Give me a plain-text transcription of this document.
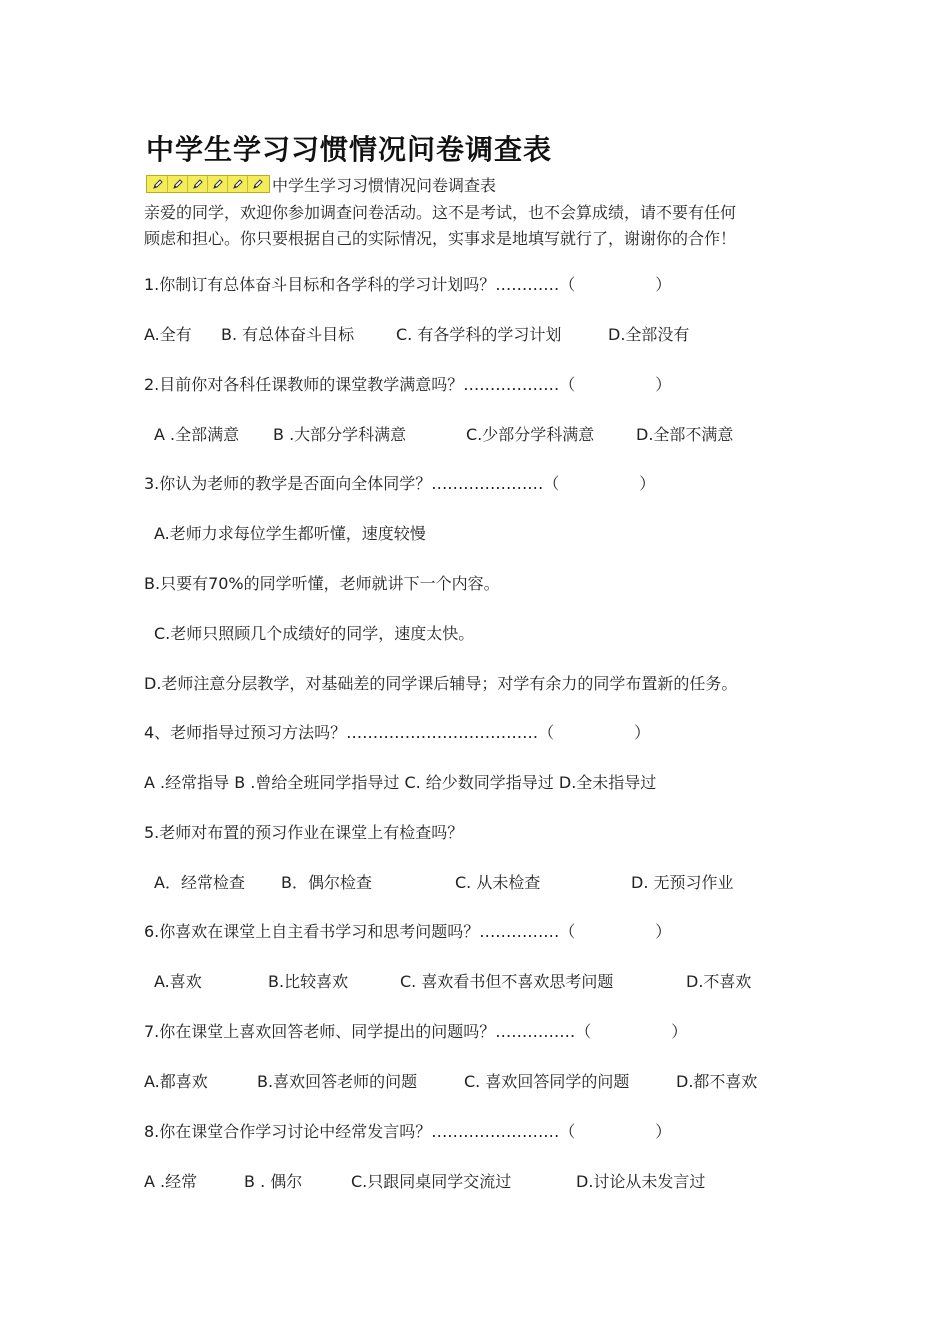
中学生学习习惯情况问卷调查表
中学生学习习惯情况问卷调查表
亲爱的同学，欢迎你参加调查问卷活动。这不是考试，也不会算成绩，请不要有任何
顾虑和担心。你只要根据自己的实际情况，实事求是地填写就行了，谢谢你的合作！
1.你制订有总体奋斗目标和各学科的学习计划吗？…………（　　　　　）
A.全有 B. 有总体奋斗目标	C. 有各学科的学习计划	D.全部没有
2.目前你对各科任课教师的课堂教学满意吗？………………（　　　　　）
A .全部满意 B .大部分学科满意	C.少部分学科满意	D.全部不满意
3.你认为老师的教学是否面向全体同学？…………………（　　　　　）
A.老师力求每位学生都听懂，速度较慢
B.只要有70%的同学听懂，老师就讲下一个内容。
C.老师只照顾几个成绩好的同学，速度太快。
D.老师注意分层教学，对基础差的同学课后辅导；对学有余力的同学布置新的任务。
4、老师指导过预习方法吗？………………………………（　　　　　）
A .经常指导 B .曾给全班同学指导过 C. 给少数同学指导过 D.全未指导过
5.老师对布置的预习作业在课堂上有检查吗？
A．经常检查 B．偶尔检查	C. 从未检查	D. 无预习作业
6.你喜欢在课堂上自主看书学习和思考问题吗？……………（　　　　　）
A.喜欢	B.比较喜欢	C. 喜欢看书但不喜欢思考问题	D.不喜欢
7.你在课堂上喜欢回答老师、同学提出的问题吗？……………（　　　　　）
A.都喜欢	B.喜欢回答老师的问题	C. 喜欢回答同学的问题	D.都不喜欢
8.你在课堂合作学习讨论中经常发言吗？……………………（　　　　　）
A .经常	B . 偶尔	C.只跟同桌同学交流过	D.讨论从未发言过
